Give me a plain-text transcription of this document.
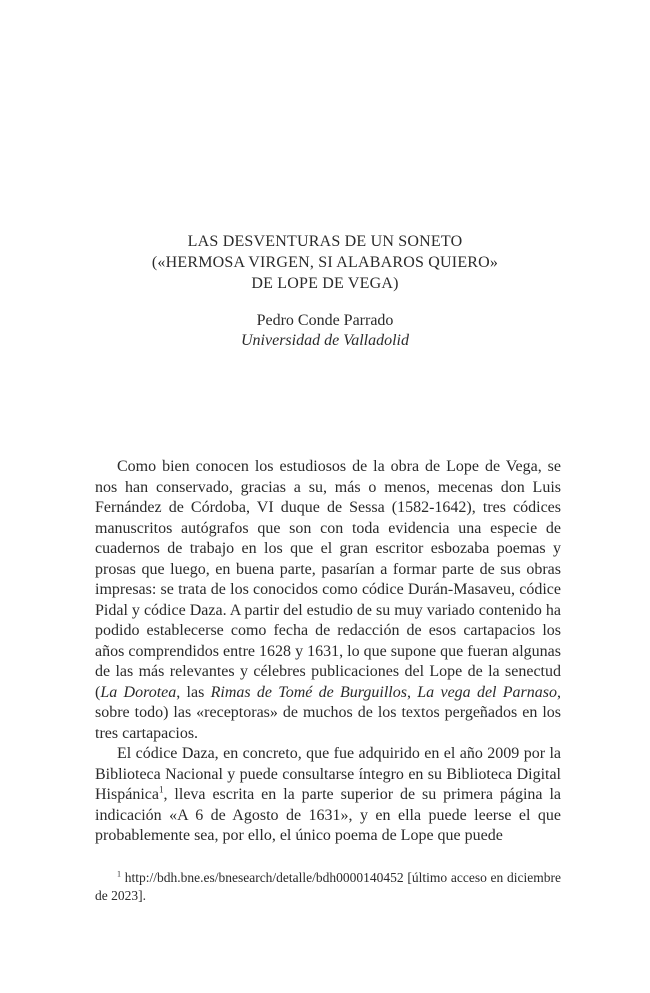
LAS DESVENTURAS DE UN SONETO
(«HERMOSA VIRGEN, SI ALABAROS QUIERO»
DE LOPE DE VEGA)
Pedro Conde Parrado
Universidad de Valladolid

Como bien conocen los estudiosos de la obra de Lope de Vega, se nos han conservado, gracias a su, más o menos, mecenas don Luis Fernández de Córdoba, VI duque de Sessa (1582-1642), tres códices manuscritos autógrafos que son con toda evidencia una especie de cuadernos de trabajo en los que el gran escritor esbozaba poemas y prosas que luego, en buena parte, pasarían a formar parte de sus obras impresas: se trata de los conocidos como códice Durán-Masaveu, códice Pidal y códice Daza. A partir del estudio de su muy variado contenido ha podido establecerse como fecha de redacción de esos cartapacios los años comprendidos entre 1628 y 1631, lo que supone que fueran algunas de las más relevantes y célebres publicaciones del Lope de la senectud (La Dorotea, las Rimas de Tomé de Burguillos, La vega del Parnaso, sobre todo) las «receptoras» de muchos de los textos pergeñados en los tres cartapacios.

El códice Daza, en concreto, que fue adquirido en el año 2009 por la Biblioteca Nacional y puede consultarse íntegro en su Biblioteca Digital Hispánica$^1$, lleva escrita en la parte superior de su primera página la indicación «A 6 de Agosto de 1631», y en ella puede leerse el que probablemente sea, por ello, el único poema de Lope que puede

$^1$ http://bdh.bne.es/bnesearch/detalle/bdh0000140452 [último acceso en diciembre de 2023].
